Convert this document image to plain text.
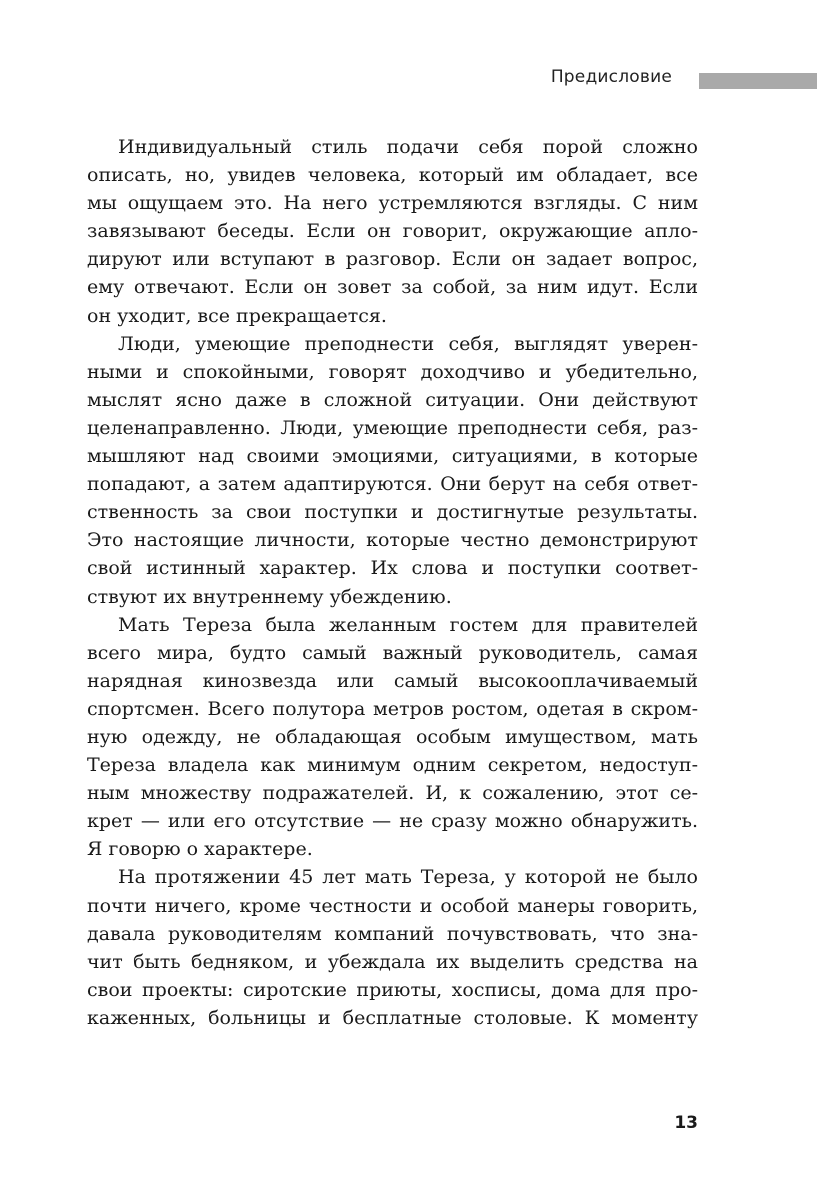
Предисловие
Индивидуальный стиль подачи себя порой сложно
описать, но, увидев человека, который им обладает, все
мы ощущаем это. На него устремляются взгляды. С ним
завязывают беседы. Если он говорит, окружающие апло-
дируют или вступают в разговор. Если он задает вопрос,
ему отвечают. Если он зовет за собой, за ним идут. Если
он уходит, все прекращается.
Люди, умеющие преподнести себя, выглядят уверен-
ными и спокойными, говорят доходчиво и убедительно,
мыслят ясно даже в сложной ситуации. Они действуют
целенаправленно. Люди, умеющие преподнести себя, раз-
мышляют над своими эмоциями, ситуациями, в которые
попадают, а затем адаптируются. Они берут на себя ответ-
ственность за свои поступки и достигнутые результаты.
Это настоящие личности, которые честно демонстрируют
свой истинный характер. Их слова и поступки соответ-
ствуют их внутреннему убеждению.
Мать Тереза была желанным гостем для правителей
всего мира, будто самый важный руководитель, самая
нарядная кинозвезда или самый высокооплачиваемый
спортсмен. Всего полутора метров ростом, одетая в скром-
ную одежду, не обладающая особым имуществом, мать
Тереза владела как минимум одним секретом, недоступ-
ным множеству подражателей. И, к сожалению, этот се-
крет — или его отсутствие — не сразу можно обнаружить.
Я говорю о характере.
На протяжении 45 лет мать Тереза, у которой не было
почти ничего, кроме честности и особой манеры говорить,
давала руководителям компаний почувствовать, что зна-
чит быть бедняком, и убеждала их выделить средства на
свои проекты: сиротские приюты, хосписы, дома для про-
каженных, больницы и бесплатные столовые. К моменту
13
